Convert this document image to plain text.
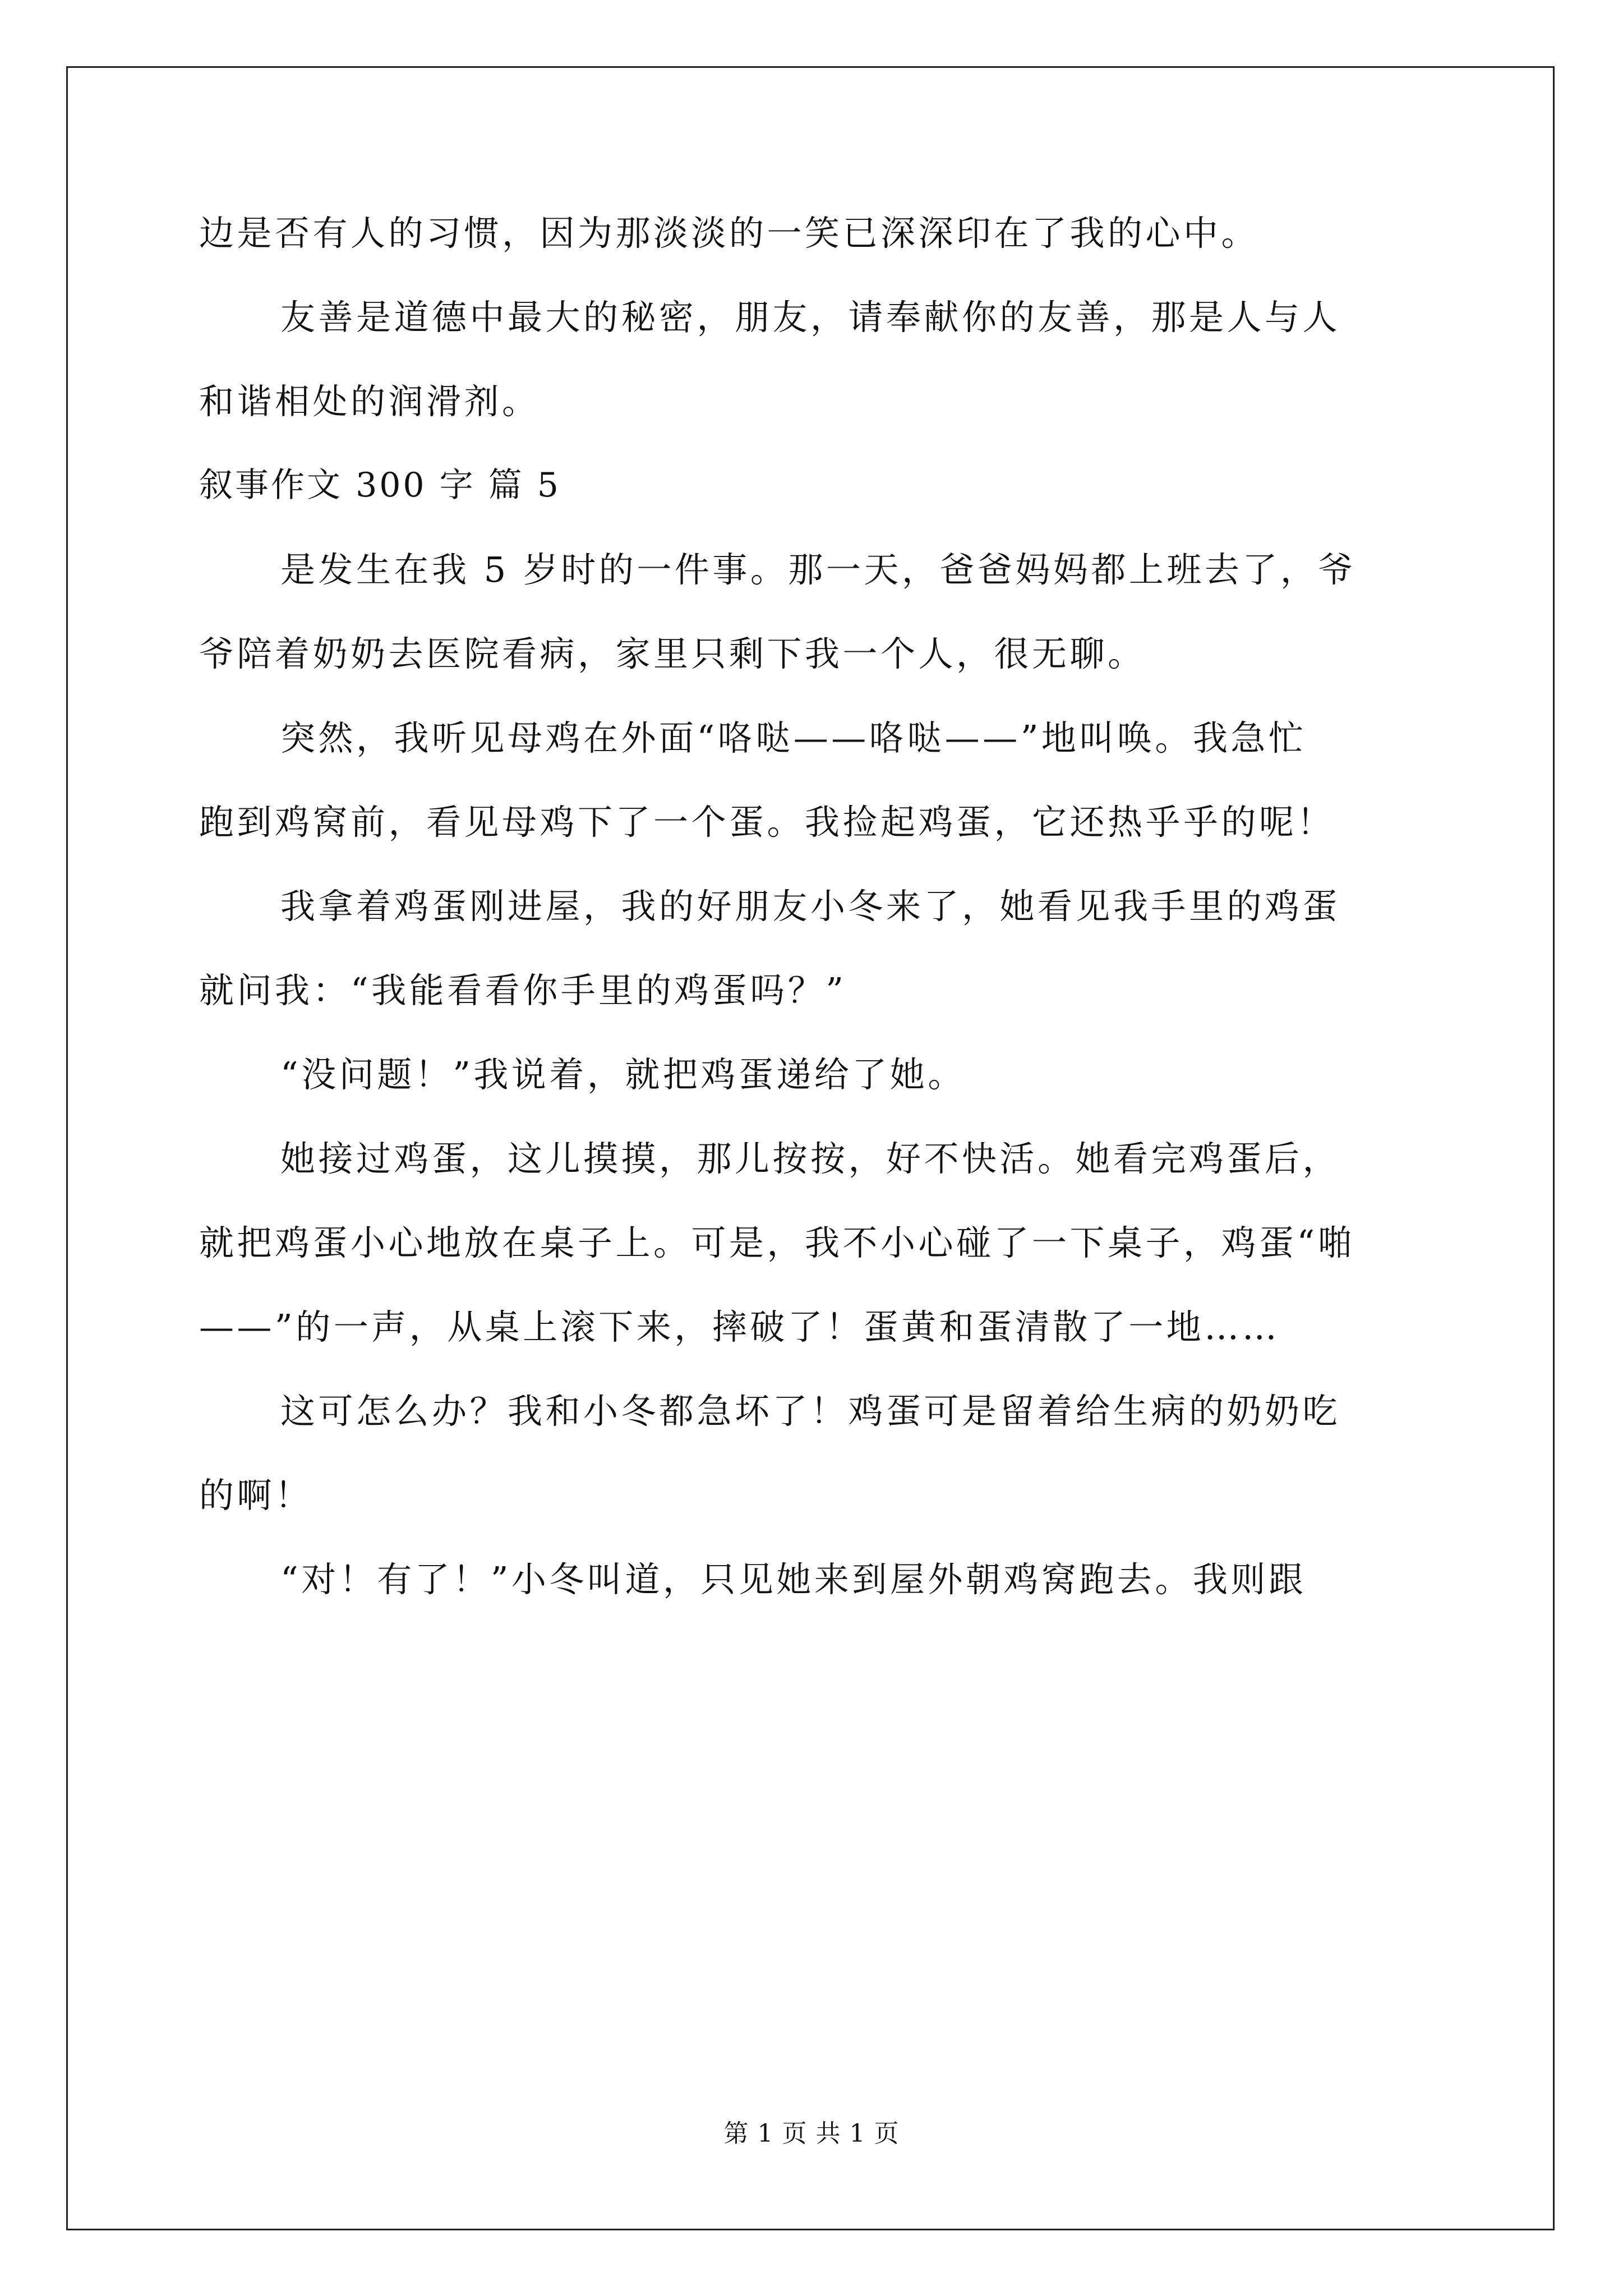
边是否有人的习惯，因为那淡淡的一笑已深深印在了我的心中。
友善是道德中最大的秘密，朋友，请奉献你的友善，那是人与人
和谐相处的润滑剂。
叙事作文 300 字 篇 5
是发生在我 5 岁时的一件事。那一天，爸爸妈妈都上班去了，爷
爷陪着奶奶去医院看病，家里只剩下我一个人，很无聊。
突然，我听见母鸡在外面“咯哒——咯哒——”地叫唤。我急忙
跑到鸡窝前，看见母鸡下了一个蛋。我捡起鸡蛋，它还热乎乎的呢！
我拿着鸡蛋刚进屋，我的好朋友小冬来了，她看见我手里的鸡蛋
就问我：“我能看看你手里的鸡蛋吗？”
“没问题！”我说着，就把鸡蛋递给了她。
她接过鸡蛋，这儿摸摸，那儿按按，好不快活。她看完鸡蛋后，
就把鸡蛋小心地放在桌子上。可是，我不小心碰了一下桌子，鸡蛋“啪
——”的一声，从桌上滚下来，摔破了！蛋黄和蛋清散了一地……
这可怎么办？我和小冬都急坏了！鸡蛋可是留着给生病的奶奶吃
的啊！
“对！有了！”小冬叫道，只见她来到屋外朝鸡窝跑去。我则跟
第 1 页 共 1 页
